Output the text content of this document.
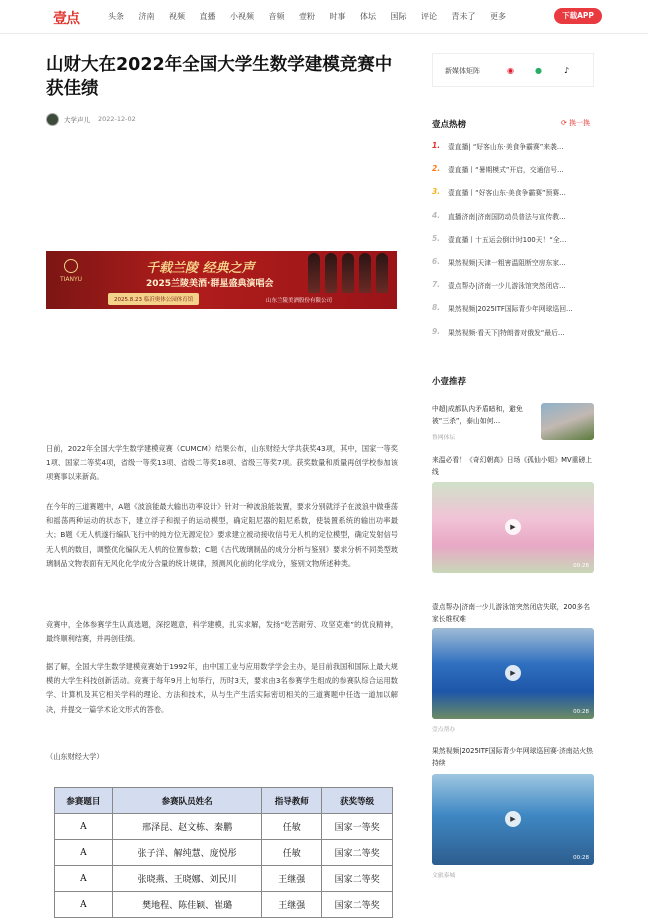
壹点	头条 济南 视频 直播 小视频 音频 壹粉 时事 体坛 国际 评论 青未了 更多	下载APP
山财大在2022年全国大学生数学建模竞赛中获佳绩
大学声儿 2022-12-02
TIANYU
千载兰陵 经典之声
2025兰陵美酒·群星盛典演唱会
2025.8.23 临沂奥体公园体育馆	山东兰陵美酒股份有限公司

日前，2022年全国大学生数学建模竞赛（CUMCM）结果公布，山东财经大学共获奖43项，其中，国家一等奖1项、国家二等奖4项，省级一等奖13项、省级二等奖18项、省级三等奖7项。获奖数量和质量再创学校参加该项赛事以来新高。

在今年的三道赛题中，A题《波浪能最大输出功率设计》针对一种波浪能装置，要求分别就浮子在波浪中做垂荡和摇荡两种运动的状态下，建立浮子和振子的运动模型，确定阻尼器的阻尼系数，使装置系统的输出功率最大；B题《无人机遂行编队飞行中的纯方位无源定位》要求建立被动接收信号无人机的定位模型，确定发射信号无人机的数目，调整优化编队无人机的位置参数；C题《古代玻璃制品的成分分析与鉴别》要求分析不同类型玻璃制品文物表面有无风化化学成分含量的统计规律，预测风化前的化学成分，鉴别文物所述种类。

竞赛中，全体参赛学生认真选题，深挖题意，科学建模，扎实求解，发扬“吃苦耐劳、攻坚克难”的优良精神，最终顺利结赛，并再创佳绩。

据了解，全国大学生数学建模竞赛始于1992年，由中国工业与应用数学学会主办，是目前我国和国际上最大规模的大学生科技创新活动。竞赛于每年9月上旬举行，历时3天，要求由3名参赛学生组成的参赛队综合运用数学、计算机及其它相关学科的理论、方法和技术，从与生产生活实际密切相关的三道赛题中任选一道加以解决，并提交一篇学术论文形式的答卷。

（山东财经大学）

参赛题目	参赛队员姓名	指导教师	获奖等级
A	邢泽昆、赵文栋、秦鹏	任敏	国家一等奖
A	张子洋、解纯慧、庞悦彤	任敏	国家二等奖
A	张晓燕、王晓娜、刘民川	王继强	国家二等奖
A	樊地程、陈佳颖、崔璐	王继强	国家二等奖
新媒体矩阵	◉	●	♪
壹点热榜	⟳ 换一换
1.	壹直播| “好客山东·美食争霸赛”来袭…
2.	壹直播丨“暑期模式”开启，交通信号…
3.	壹直播丨“好客山东·美食争霸赛”预赛…
4.	直播济南|济南国防动员普法与宣传教…
5.	壹直播丨十五运会倒计时100天！“全…
6.	果然视频|天津一粗害温阻断空房东家…
7.	壹点帮办|济南一少儿游泳馆突然闭店…
8.	果然视频|2025ITF国际青少年网球巡回…
9.	果然视频·看天下|特朗普对俄发“最后…
小壹推荐
中超|成都队内矛盾暗和，避免被“三杀”，泰山如何…
鲁网体坛
来温必看！《奇幻朝高》日场《孤仙小姐》MV重磅上线
▶
00:28
壹点帮办|济南一少儿游泳馆突然闭店失联，200多名家长维权难
▶
00:28
壹点帮办
果然视频|2025ITF国际青少年网球巡回赛·济南站火热持续
▶
00:28
文旅泰城
